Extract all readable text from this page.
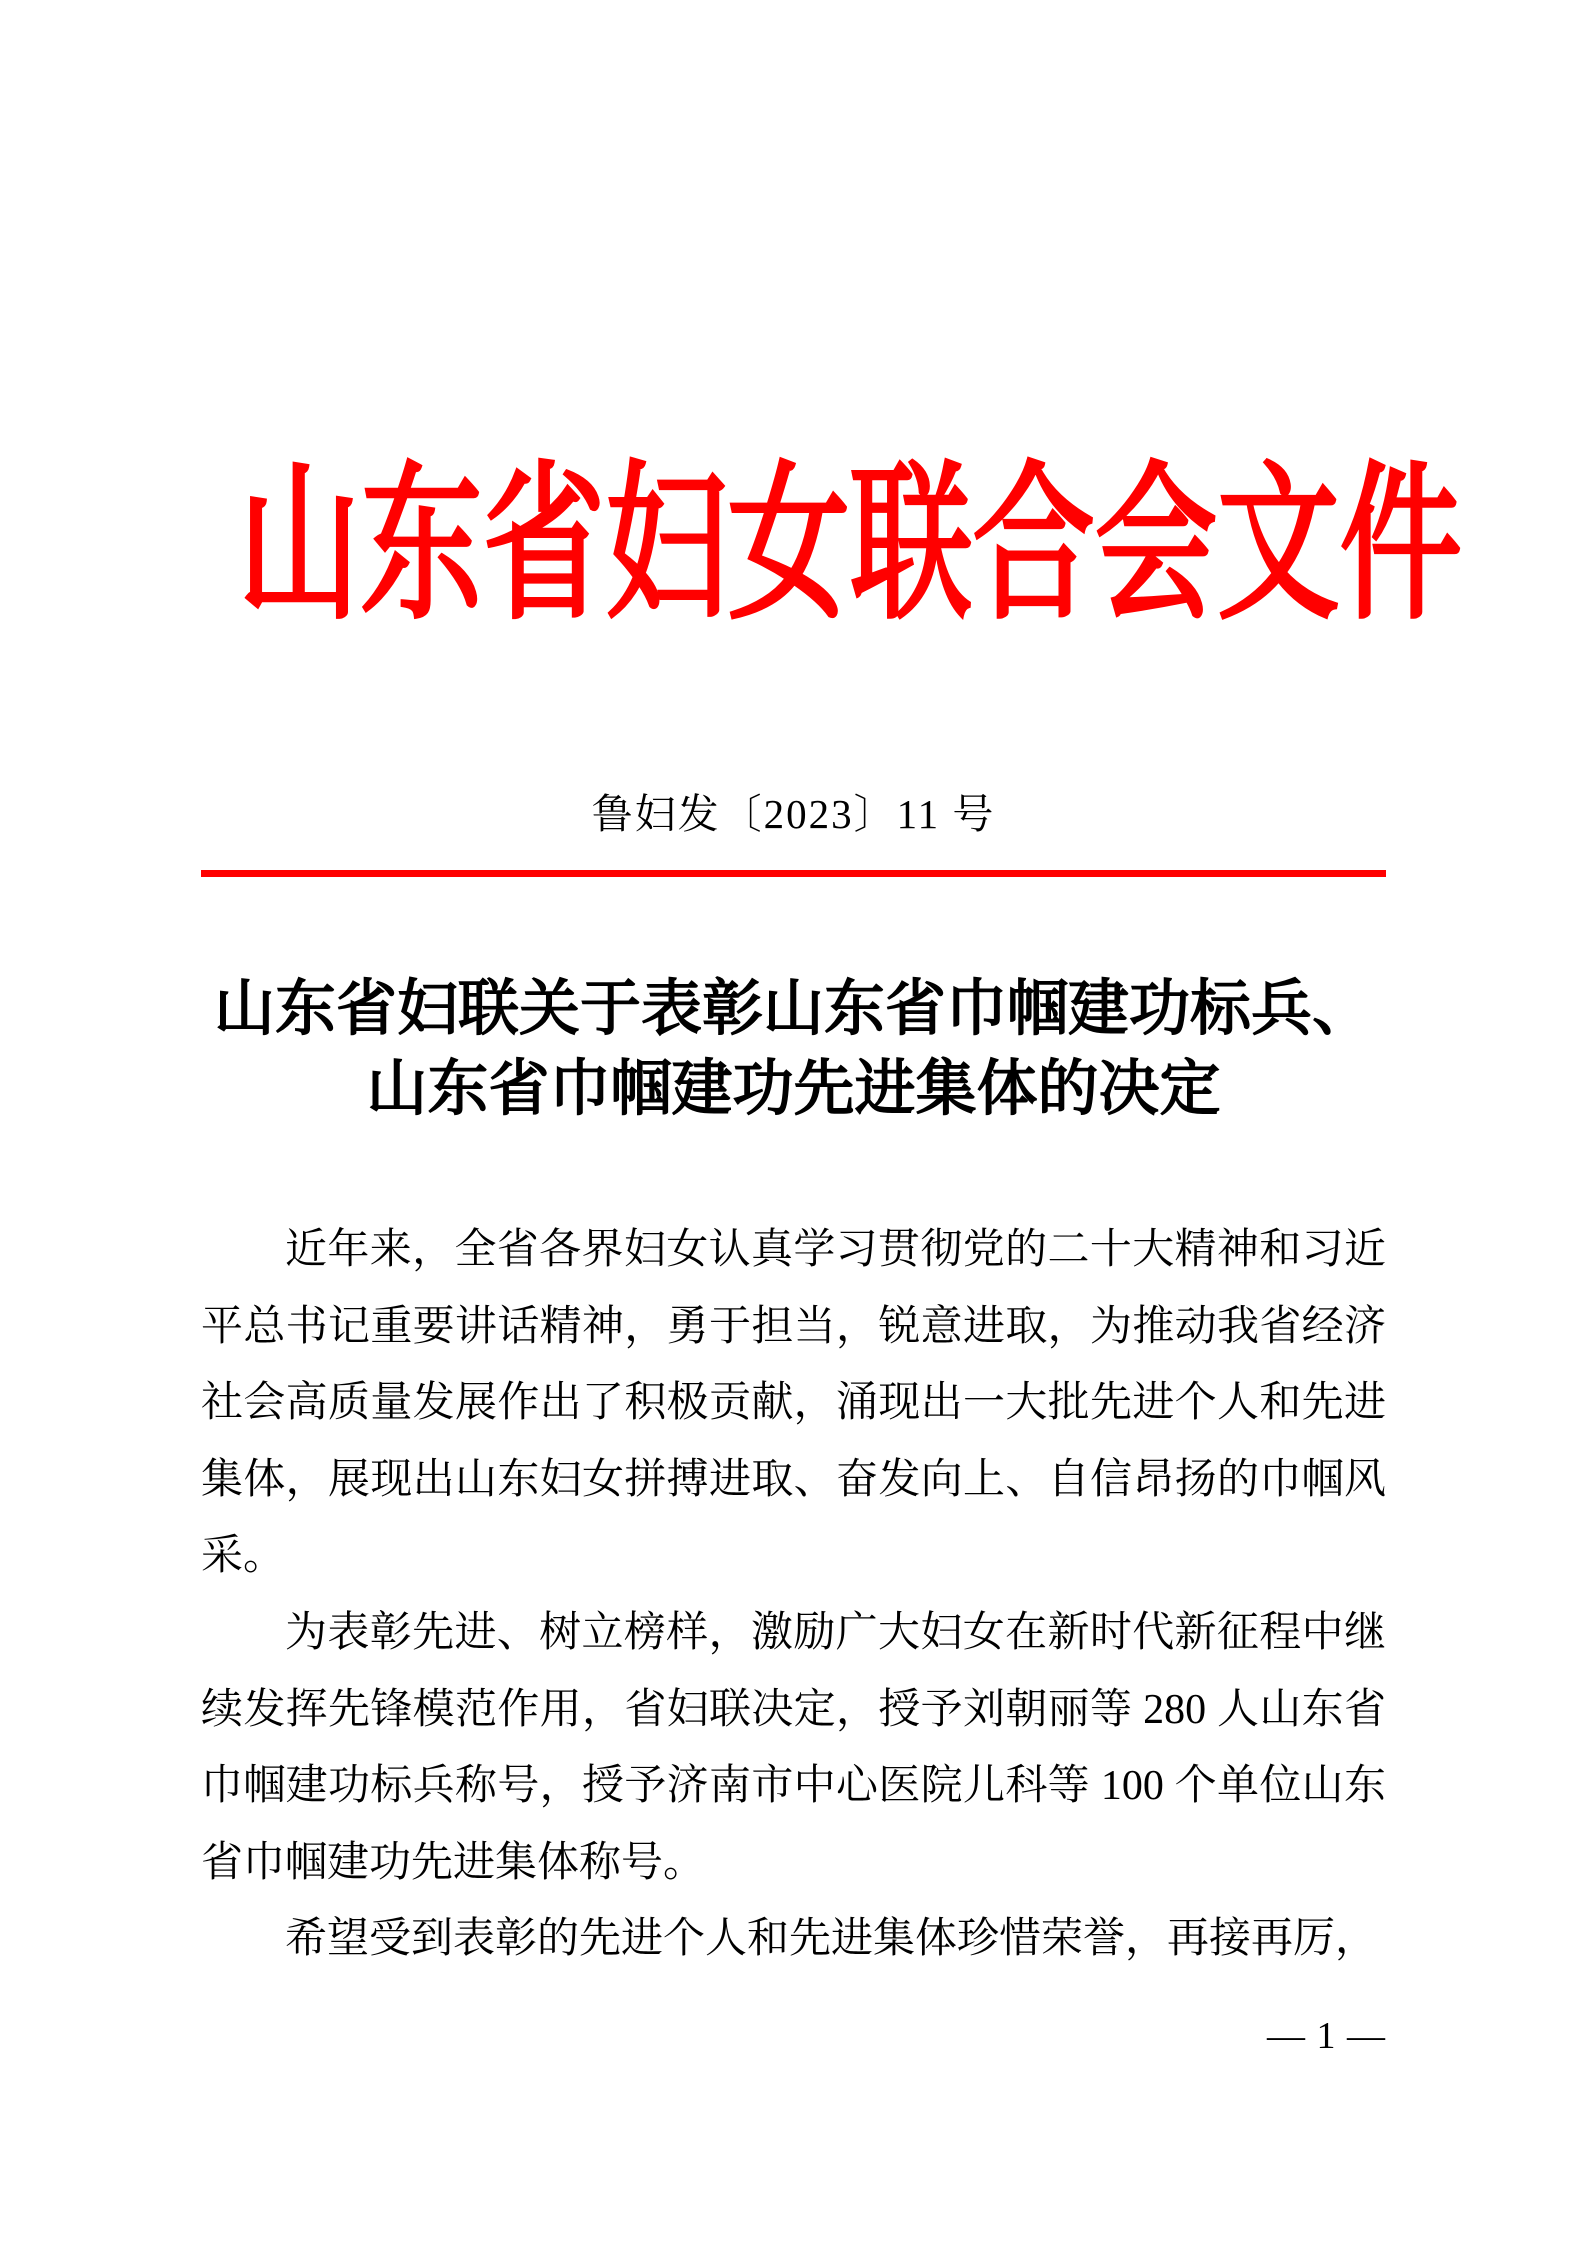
山东省妇女联合会文件
鲁妇发〔2023〕11 号
山东省妇联关于表彰山东省巾帼建功标兵、
山东省巾帼建功先进集体的决定

近年来，全省各界妇女认真学习贯彻党的二十大精神和习近平总书记重要讲话精神，勇于担当，锐意进取，为推动我省经济社会高质量发展作出了积极贡献，涌现出一大批先进个人和先进集体，展现出山东妇女拼搏进取、奋发向上、自信昂扬的巾帼风采。

为表彰先进、树立榜样，激励广大妇女在新时代新征程中继续发挥先锋模范作用，省妇联决定，授予刘朝丽等 280 人山东省巾帼建功标兵称号，授予济南市中心医院儿科等 100 个单位山东省巾帼建功先进集体称号。

希望受到表彰的先进个人和先进集体珍惜荣誉，再接再厉，

— 1 —
